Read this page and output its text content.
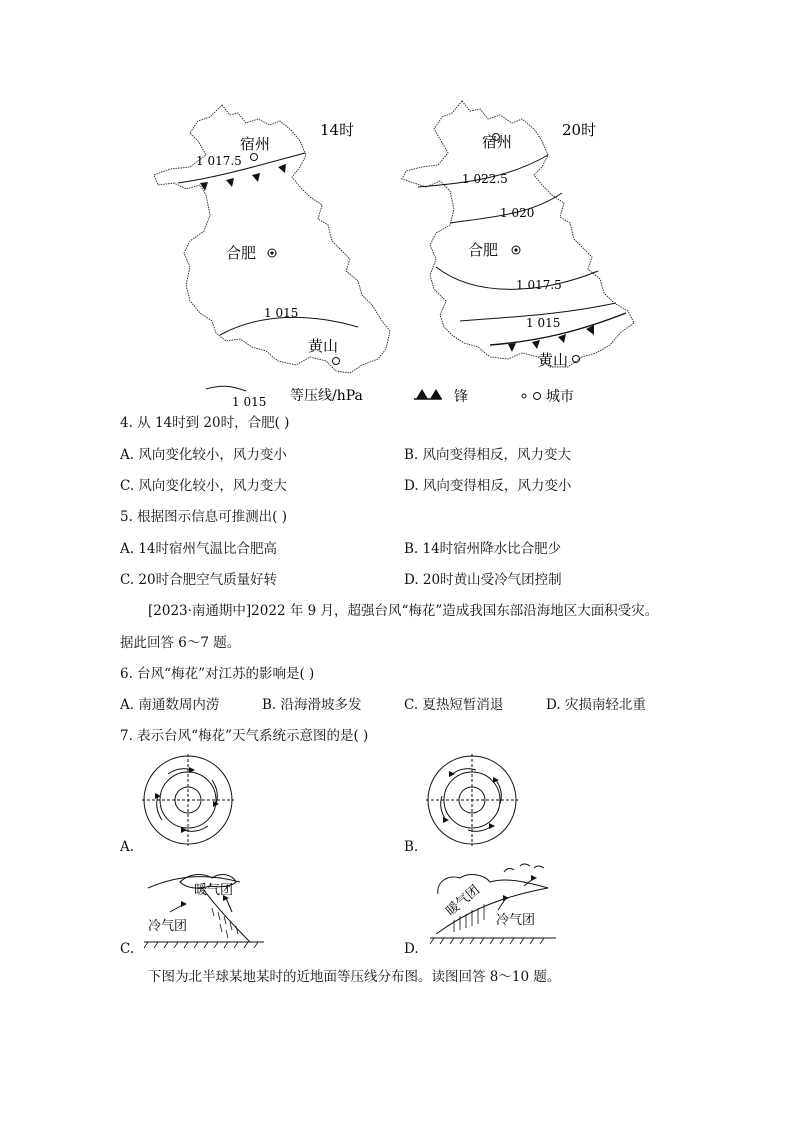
14时
宿州
1 017.5
合肥
1 015
黄山
20时
宿州
1 022.5
1 020
合肥
1 017.5
1 015
黄山
1 015 等压线/hPa	锋	城市
4. 从 14时到 20时，合肥( )
A. 风向变化较小，风力变小	B. 风向变得相反，风力变大
C. 风向变化较小，风力变大	D. 风向变得相反，风力变小
5. 根据图示信息可推测出( )
A. 14时宿州气温比合肥高	B. 14时宿州降水比合肥少
C. 20时合肥空气质量好转	D. 20时黄山受冷气团控制
[2023·南通期中]2022 年 9 月，超强台风“梅花”造成我国东部沿海地区大面积受灾。
据此回答 6～7 题。
6. 台风“梅花”对江苏的影响是( )
A. 南通数周内涝	B. 沿海滑坡多发	C. 夏热短暂消退	D. 灾损南轻北重
7. 表示台风“梅花”天气系统示意图的是( )
A.	B.
暖气团
冷气团
C.
暖气团
冷气团
D.
下图为北半球某地某时的近地面等压线分布图。读图回答 8～10 题。
